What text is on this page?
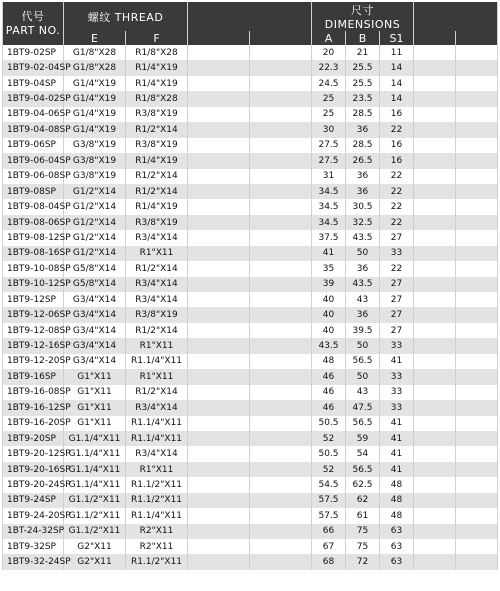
代号
PART NO.	螺纹 THREAD				尺寸 DIMENSIONS				
	E	F			A	B	S1		
1BT9-02SP	G1/8"X28	R1/8"X28			20	21	11		
1BT9-02-04SP	G1/8"X28	R1/4"X19			22.3	25.5	14		
1BT9-04SP	G1/4"X19	R1/4"X19			24.5	25.5	14		
1BT9-04-02SP	G1/4"X19	R1/8"X28			25	23.5	14		
1BT9-04-06SP	G1/4"X19	R3/8"X19			25	28.5	16		
1BT9-04-08SP	G1/4"X19	R1/2"X14			30	36	22		
1BT9-06SP	G3/8"X19	R3/8"X19			27.5	28.5	16		
1BT9-06-04SP	G3/8"X19	R1/4"X19			27.5	26.5	16		
1BT9-06-08SP	G3/8"X19	R1/2"X14			31	36	22		
1BT9-08SP	G1/2"X14	R1/2"X14			34.5	36	22		
1BT9-08-04SP	G1/2"X14	R1/4"X19			34.5	30.5	22		
1BT9-08-06SP	G1/2"X14	R3/8"X19			34.5	32.5	22		
1BT9-08-12SP	G1/2"X14	R3/4"X14			37.5	43.5	27		
1BT9-08-16SP	G1/2"X14	R1"X11			41	50	33		
1BT9-10-08SP	G5/8"X14	R1/2"X14			35	36	22		
1BT9-10-12SP	G5/8"X14	R3/4"X14			39	43.5	27		
1BT9-12SP	G3/4"X14	R3/4"X14			40	43	27		
1BT9-12-06SP	G3/4"X14	R3/8"X19			40	36	27		
1BT9-12-08SP	G3/4"X14	R1/2"X14			40	39.5	27		
1BT9-12-16SP	G3/4"X14	R1"X11			43.5	50	33		
1BT9-12-20SP	G3/4"X14	R1.1/4"X11			48	56.5	41		
1BT9-16SP	G1"X11	R1"X11			46	50	33		
1BT9-16-08SP	G1"X11	R1/2"X14			46	43	33		
1BT9-16-12SP	G1"X11	R3/4"X14			46	47.5	33		
1BT9-16-20SP	G1"X11	R1.1/4"X11			50.5	56.5	41		
1BT9-20SP	G1.1/4"X11	R1.1/4"X11			52	59	41		
1BT9-20-12SP	G1.1/4"X11	R3/4"X14			50.5	54	41		
1BT9-20-16SP	G1.1/4"X11	R1"X11			52	56.5	41		
1BT9-20-24SP	G1.1/4"X11	R1.1/2"X11			54.5	62.5	48		
1BT9-24SP	G1.1/2"X11	R1.1/2"X11			57.5	62	48		
1BT9-24-20SP	G1.1/2"X11	R1.1/4"X11			57.5	61	48		
1BT-24-32SP	G1.1/2"X11	R2"X11			66	75	63		
1BT9-32SP	G2"X11	R2"X11			67	75	63		
1BT9-32-24SP	G2"X11	R1.1/2"X11			68	72	63		
